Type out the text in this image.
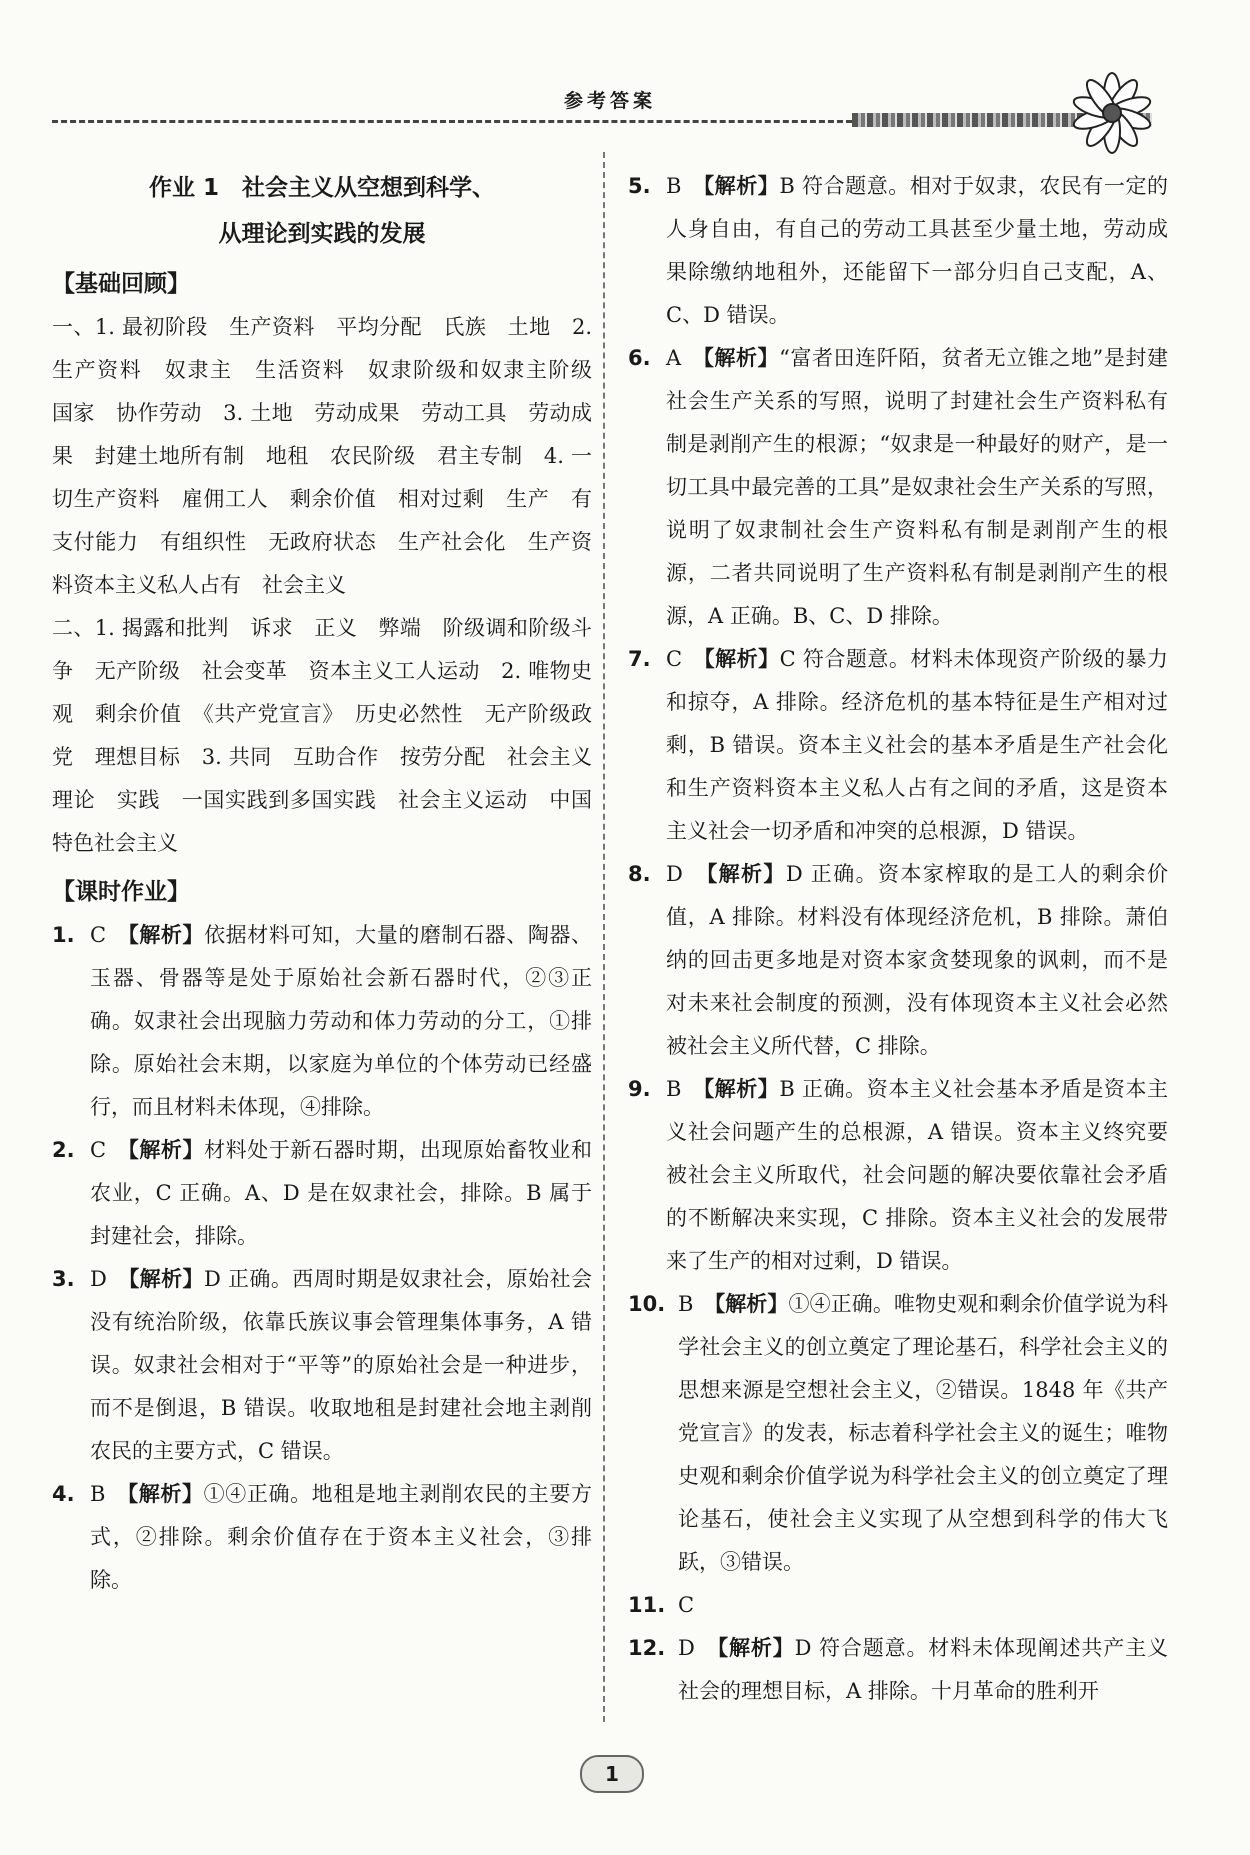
参考答案
作业 1　社会主义从空想到科学、
从理论到实践的发展
【基础回顾】

一、1. 最初阶段　生产资料　平均分配　氏族　土地　2. 生产资料　奴隶主　生活资料　奴隶阶级和奴隶主阶级　国家　协作劳动　3. 土地　劳动成果　劳动工具　劳动成果　封建土地所有制　地租　农民阶级　君主专制　4. 一切生产资料　雇佣工人　剩余价值　相对过剩　生产　有支付能力　有组织性　无政府状态　生产社会化　生产资料资本主义私人占有　社会主义

二、1. 揭露和批判　诉求　正义　弊端　阶级调和阶级斗争　无产阶级　社会变革　资本主义工人运动　2. 唯物史观　剩余价值　《共产党宣言》　历史必然性　无产阶级政党　理想目标　3. 共同　互助合作　按劳分配　社会主义　理论　实践　一国实践到多国实践　社会主义运动　中国特色社会主义

【课时作业】

1. C　 【解析】依据材料可知，大量的磨制石器、陶器、玉器、骨器等是处于原始社会新石器时代，②③正确。奴隶社会出现脑力劳动和体力劳动的分工，①排除。原始社会末期，以家庭为单位的个体劳动已经盛行，而且材料未体现，④排除。

2. C　 【解析】材料处于新石器时期，出现原始畜牧业和农业，C 正确。A、D 是在奴隶社会，排除。B 属于封建社会，排除。

3. D　 【解析】D 正确。西周时期是奴隶社会，原始社会没有统治阶级，依靠氏族议事会管理集体事务，A 错误。奴隶社会相对于“平等”的原始社会是一种进步，而不是倒退，B 错误。收取地租是封建社会地主剥削农民的主要方式，C 错误。

4. B　 【解析】①④正确。地租是地主剥削农民的主要方式，②排除。剩余价值存在于资本主义社会，③排除。

5. B　 【解析】B 符合题意。相对于奴隶，农民有一定的人身自由，有自己的劳动工具甚至少量土地，劳动成果除缴纳地租外，还能留下一部分归自己支配，A、C、D 错误。

6. A　 【解析】“富者田连阡陌，贫者无立锥之地”是封建社会生产关系的写照，说明了封建社会生产资料私有制是剥削产生的根源；“奴隶是一种最好的财产，是一切工具中最完善的工具”是奴隶社会生产关系的写照，说明了奴隶制社会生产资料私有制是剥削产生的根源，二者共同说明了生产资料私有制是剥削产生的根源，A 正确。B、C、D 排除。

7. C　 【解析】C 符合题意。材料未体现资产阶级的暴力和掠夺，A 排除。经济危机的基本特征是生产相对过剩，B 错误。资本主义社会的基本矛盾是生产社会化和生产资料资本主义私人占有之间的矛盾，这是资本主义社会一切矛盾和冲突的总根源，D 错误。

8. D　 【解析】D 正确。资本家榨取的是工人的剩余价值，A 排除。材料没有体现经济危机，B 排除。萧伯纳的回击更多地是对资本家贪婪现象的讽刺，而不是对未来社会制度的预测，没有体现资本主义社会必然被社会主义所代替，C 排除。

9. B　 【解析】B 正确。资本主义社会基本矛盾是资本主义社会问题产生的总根源，A 错误。资本主义终究要被社会主义所取代，社会问题的解决要依靠社会矛盾的不断解决来实现，C 排除。资本主义社会的发展带来了生产的相对过剩，D 错误。

10. B　 【解析】①④正确。唯物史观和剩余价值学说为科学社会主义的创立奠定了理论基石，科学社会主义的思想来源是空想社会主义，②错误。1848 年《共产党宣言》的发表，标志着科学社会主义的诞生；唯物史观和剩余价值学说为科学社会主义的创立奠定了理论基石，使社会主义实现了从空想到科学的伟大飞跃，③错误。

11. C

12. D　 【解析】D 符合题意。材料未体现阐述共产主义社会的理想目标，A 排除。十月革命的胜利开

1
